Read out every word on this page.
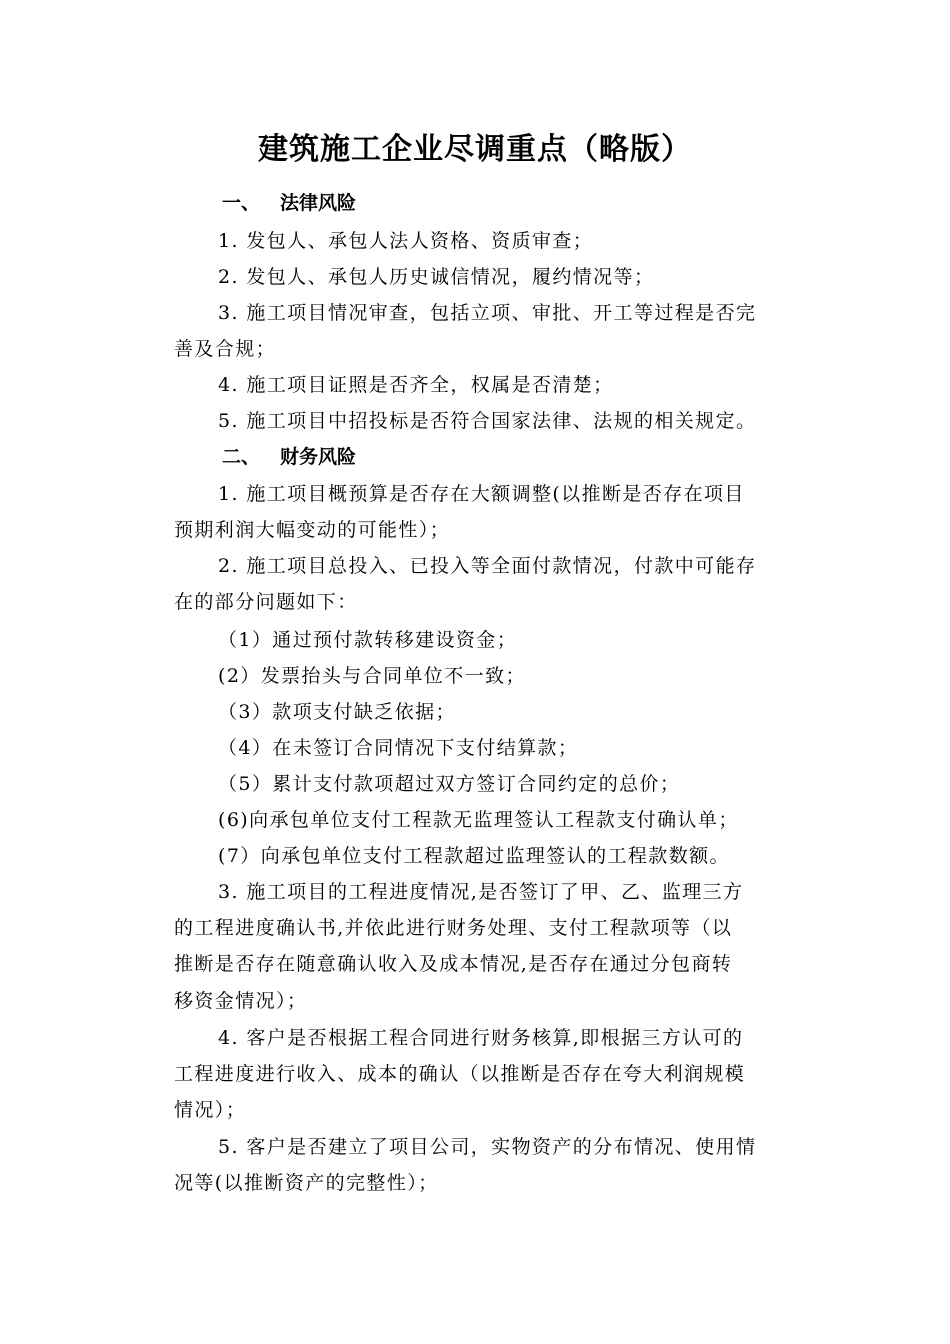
建筑施工企业尽调重点（略版）
一、 法律风险
1. 发包人、承包人法人资格、资质审查；
2. 发包人、承包人历史诚信情况，履约情况等；
3. 施工项目情况审查，包括立项、审批、开工等过程是否完
善及合规；
4. 施工项目证照是否齐全，权属是否清楚；
5. 施工项目中招投标是否符合国家法律、法规的相关规定。
二、 财务风险
1. 施工项目概预算是否存在大额调整(以推断是否存在项目
预期利润大幅变动的可能性）；
2. 施工项目总投入、已投入等全面付款情况，付款中可能存
在的部分问题如下：
（1）通过预付款转移建设资金；
(2）发票抬头与合同单位不一致；
（3）款项支付缺乏依据；
（4）在未签订合同情况下支付结算款；
（5）累计支付款项超过双方签订合同约定的总价；
(6)向承包单位支付工程款无监理签认工程款支付确认单；
(7）向承包单位支付工程款超过监理签认的工程款数额。
3. 施工项目的工程进度情况,是否签订了甲、乙、监理三方
的工程进度确认书,并依此进行财务处理、支付工程款项等（以
推断是否存在随意确认收入及成本情况,是否存在通过分包商转
移资金情况）；
4. 客户是否根据工程合同进行财务核算,即根据三方认可的
工程进度进行收入、成本的确认（以推断是否存在夸大利润规模
情况）；
5. 客户是否建立了项目公司，实物资产的分布情况、使用情
况等(以推断资产的完整性）；
